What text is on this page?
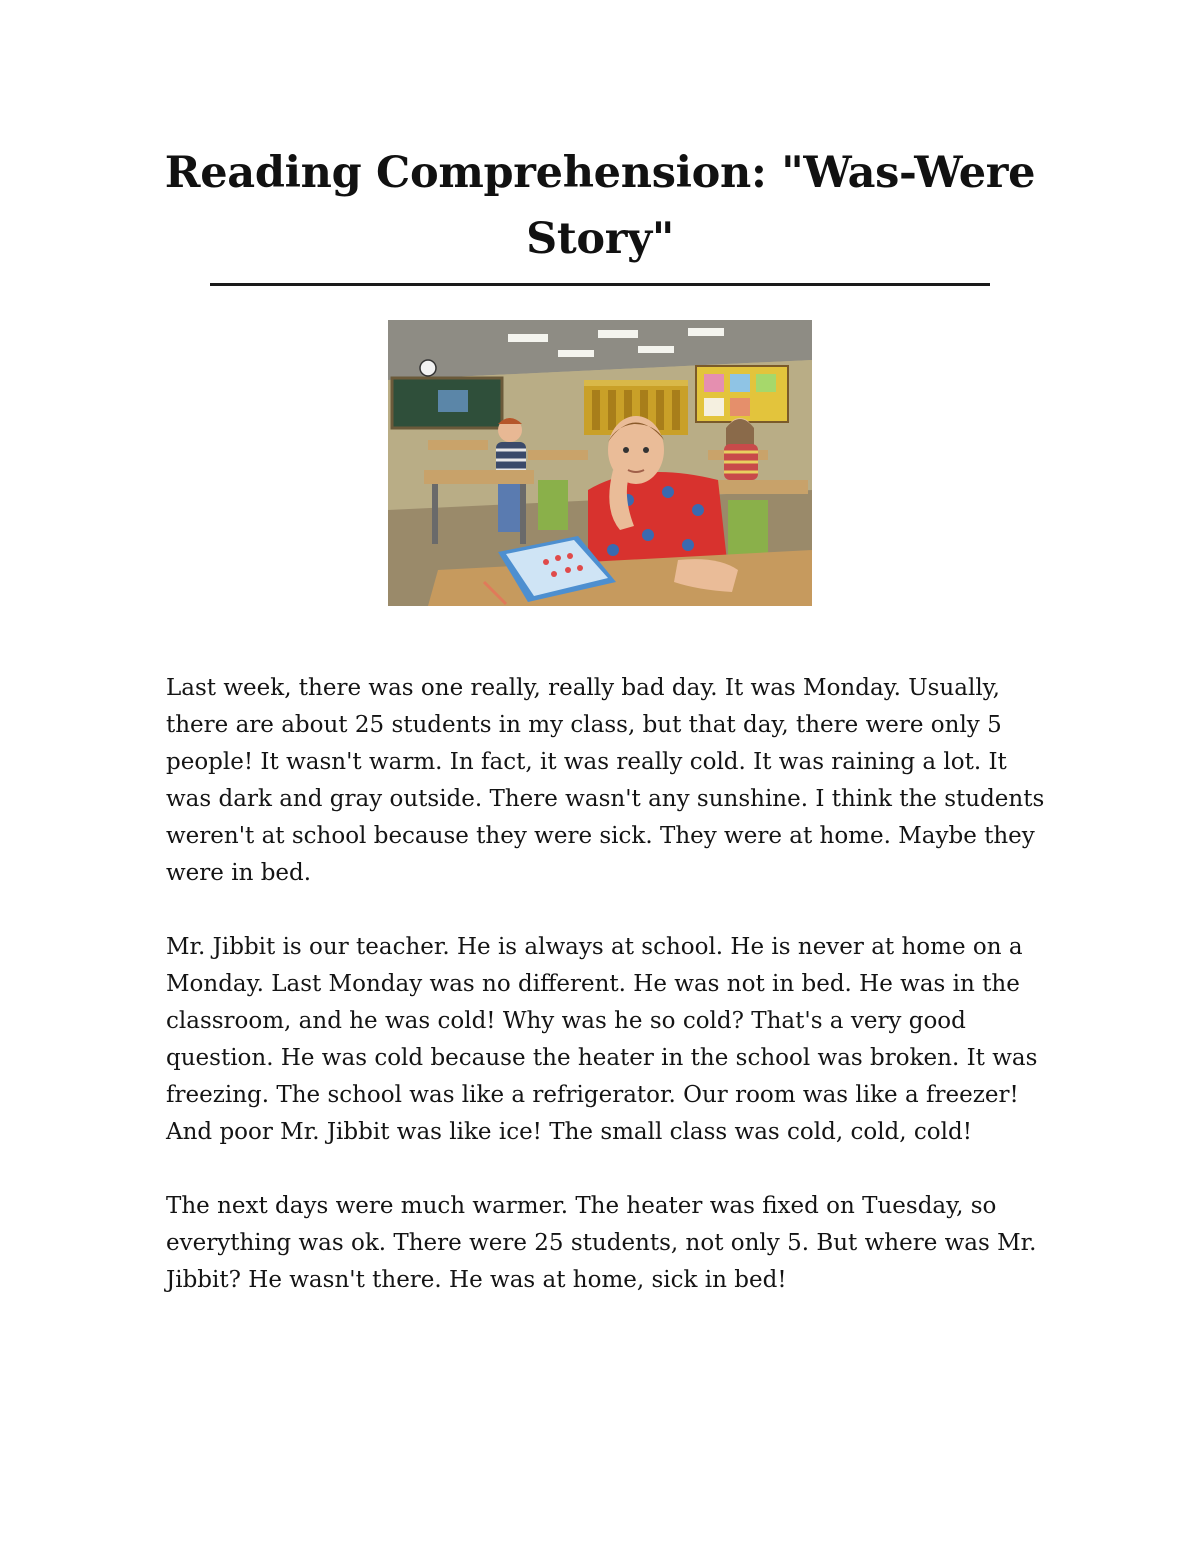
Reading Comprehension: "Was-Were Story"

Last week, there was one really, really bad day. It was Monday. Usually, there are about 25 students in my class, but that day, there were only 5 people! It wasn't warm. In fact, it was really cold. It was raining a lot. It was dark and gray outside. There wasn't any sunshine. I think the students weren't at school because they were sick. They were at home. Maybe they were in bed.

Mr. Jibbit is our teacher. He is always at school. He is never at home on a Monday. Last Monday was no different. He was not in bed. He was in the classroom, and he was cold! Why was he so cold? That's a very good question. He was cold because the heater in the school was broken. It was freezing. The school was like a refrigerator. Our room was like a freezer! And poor Mr. Jibbit was like ice! The small class was cold, cold, cold!

The next days were much warmer. The heater was fixed on Tuesday, so everything was ok. There were 25 students, not only 5. But where was Mr. Jibbit? He wasn't there. He was at home, sick in bed!
